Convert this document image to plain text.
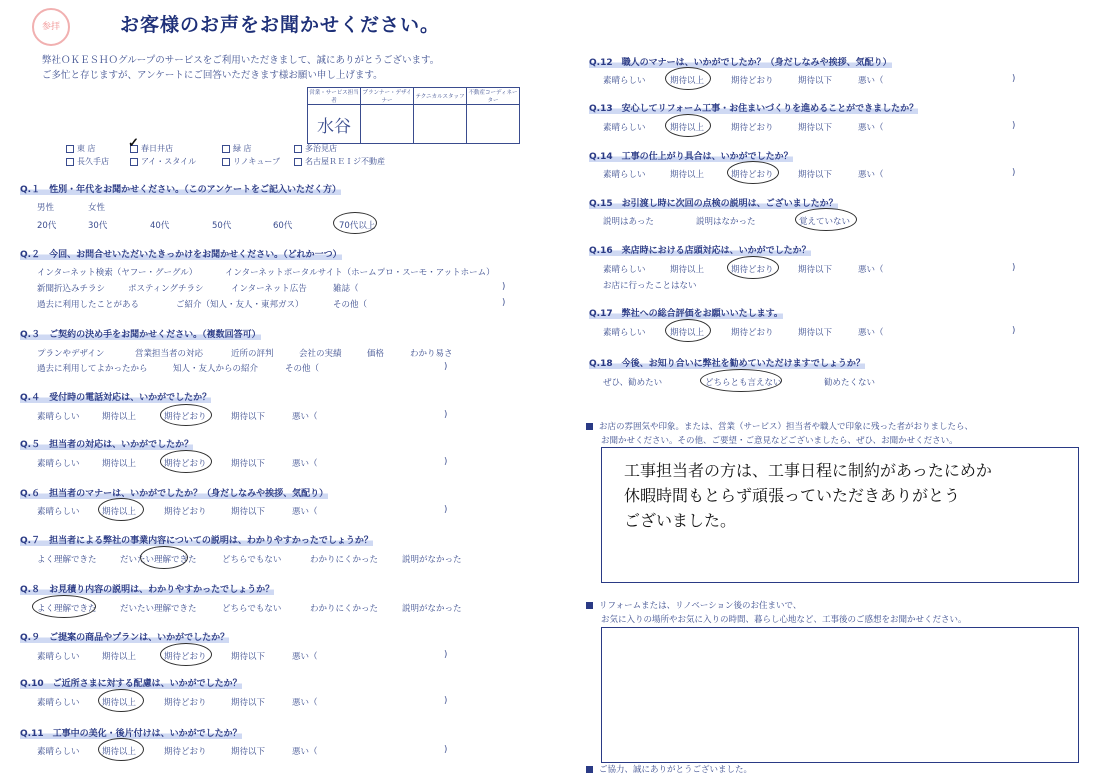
参拝	お客様のお声をお聞かせください。
弊社ＯＫＥＳＨＯグループのサービスをご利用いただきまして、誠にありがとうございます。
ご多忙と存じますが、アンケートにご回答いただきます様お願い申し上げます。
営業・サービス担当者	プランナー・デザイナー	テクニカルスタッフ	不動産コーディネーター
水谷			
東 店	春日井店
✓	緑 店	多治見店
長久手店	アイ・スタイル	リノキューブ	名古屋ＲＥＩジ不動産
Q.１　性別・年代をお聞かせください。（このアンケートをご記入いただく方）
男性	女性
20代	30代	40代	50代	60代	70代以上
Q.２　今回、お問合せいただいたきっかけをお聞かせください。（どれか一つ）
インターネット検索（ヤフー・グーグル）	インターネットポータルサイト（ホームプロ・スーモ・アットホーム）
新聞折込みチラシ	ポスティングチラシ	インターネット広告	雑誌（	)
過去に利用したことがある	ご紹介（知人・友人・東邦ガス）	その他（	)
Q.３　ご契約の決め手をお聞かせください。（複数回答可）
プランやデザイン	営業担当者の対応	近所の評判	会社の実績	価格	わかり易さ
過去に利用してよかったから	知人・友人からの紹介	その他（	)
Q.４　受付時の電話対応は、いかがでしたか？
素晴らしい	期待以上	期待どおり	期待以下	悪い（	)
Q.５　担当者の対応は、いかがでしたか？
素晴らしい	期待以上	期待どおり	期待以下	悪い（	)
Q.６　担当者のマナーは、いかがでしたか？（身だしなみや挨拶、気配り）
素晴らしい	期待以上	期待どおり	期待以下	悪い（	)
Q.７　担当者による弊社の事業内容についての説明は、わかりやすかったでしょうか？
よく理解できた	だいたい理解できた	どちらでもない	わかりにくかった	説明がなかった
Q.８　お見積り内容の説明は、わかりやすかったでしょうか？
よく理解できた	だいたい理解できた	どちらでもない	わかりにくかった	説明がなかった
Q.９　ご提案の商品やプランは、いかがでしたか？
素晴らしい	期待以上	期待どおり	期待以下	悪い（	)
Q.10　ご近所さまに対する配慮は、いかがでしたか？
素晴らしい	期待以上	期待どおり	期待以下	悪い（	)
Q.11　工事中の美化・後片付けは、いかがでしたか？
素晴らしい	期待以上	期待どおり	期待以下	悪い（	)
Q.12　職人のマナーは、いかがでしたか？（身だしなみや挨拶、気配り）
素晴らしい	期待以上	期待どおり	期待以下	悪い（	)
Q.13　安心してリフォーム工事・お住まいづくりを進めることができましたか？
素晴らしい	期待以上	期待どおり	期待以下	悪い（	)
Q.14　工事の仕上がり具合は、いかがでしたか？
素晴らしい	期待以上	期待どおり	期待以下	悪い（	)
Q.15　お引渡し時に次回の点検の説明は、ございましたか？
説明はあった	説明はなかった	覚えていない
Q.16　来店時における店頭対応は、いかがでしたか？
素晴らしい	期待以上	期待どおり	期待以下	悪い（	)
お店に行ったことはない
Q.17　弊社への総合評価をお願いいたします。
素晴らしい	期待以上	期待どおり	期待以下	悪い（	)
Q.18　今後、お知り合いに弊社を勧めていただけますでしょうか？
ぜひ、勧めたい	どちらとも言えない	勧めたくない
お店の雰囲気や印象。または、営業（サービス）担当者や職人で印象に残った者がおりましたら、
お聞かせください。その他、ご要望・ご意見などございましたら、ぜひ、お聞かせください。
工事担当者の方は、工事日程に制約があったにめか
休暇時間もとらず頑張っていただきありがとう
ございました。
リフォームまたは、リノベーション後のお住まいで、
お気に入りの場所やお気に入りの時間、暮らし心地など、工事後のご感想をお聞かせください。
ご協力、誠にありがとうございました。
